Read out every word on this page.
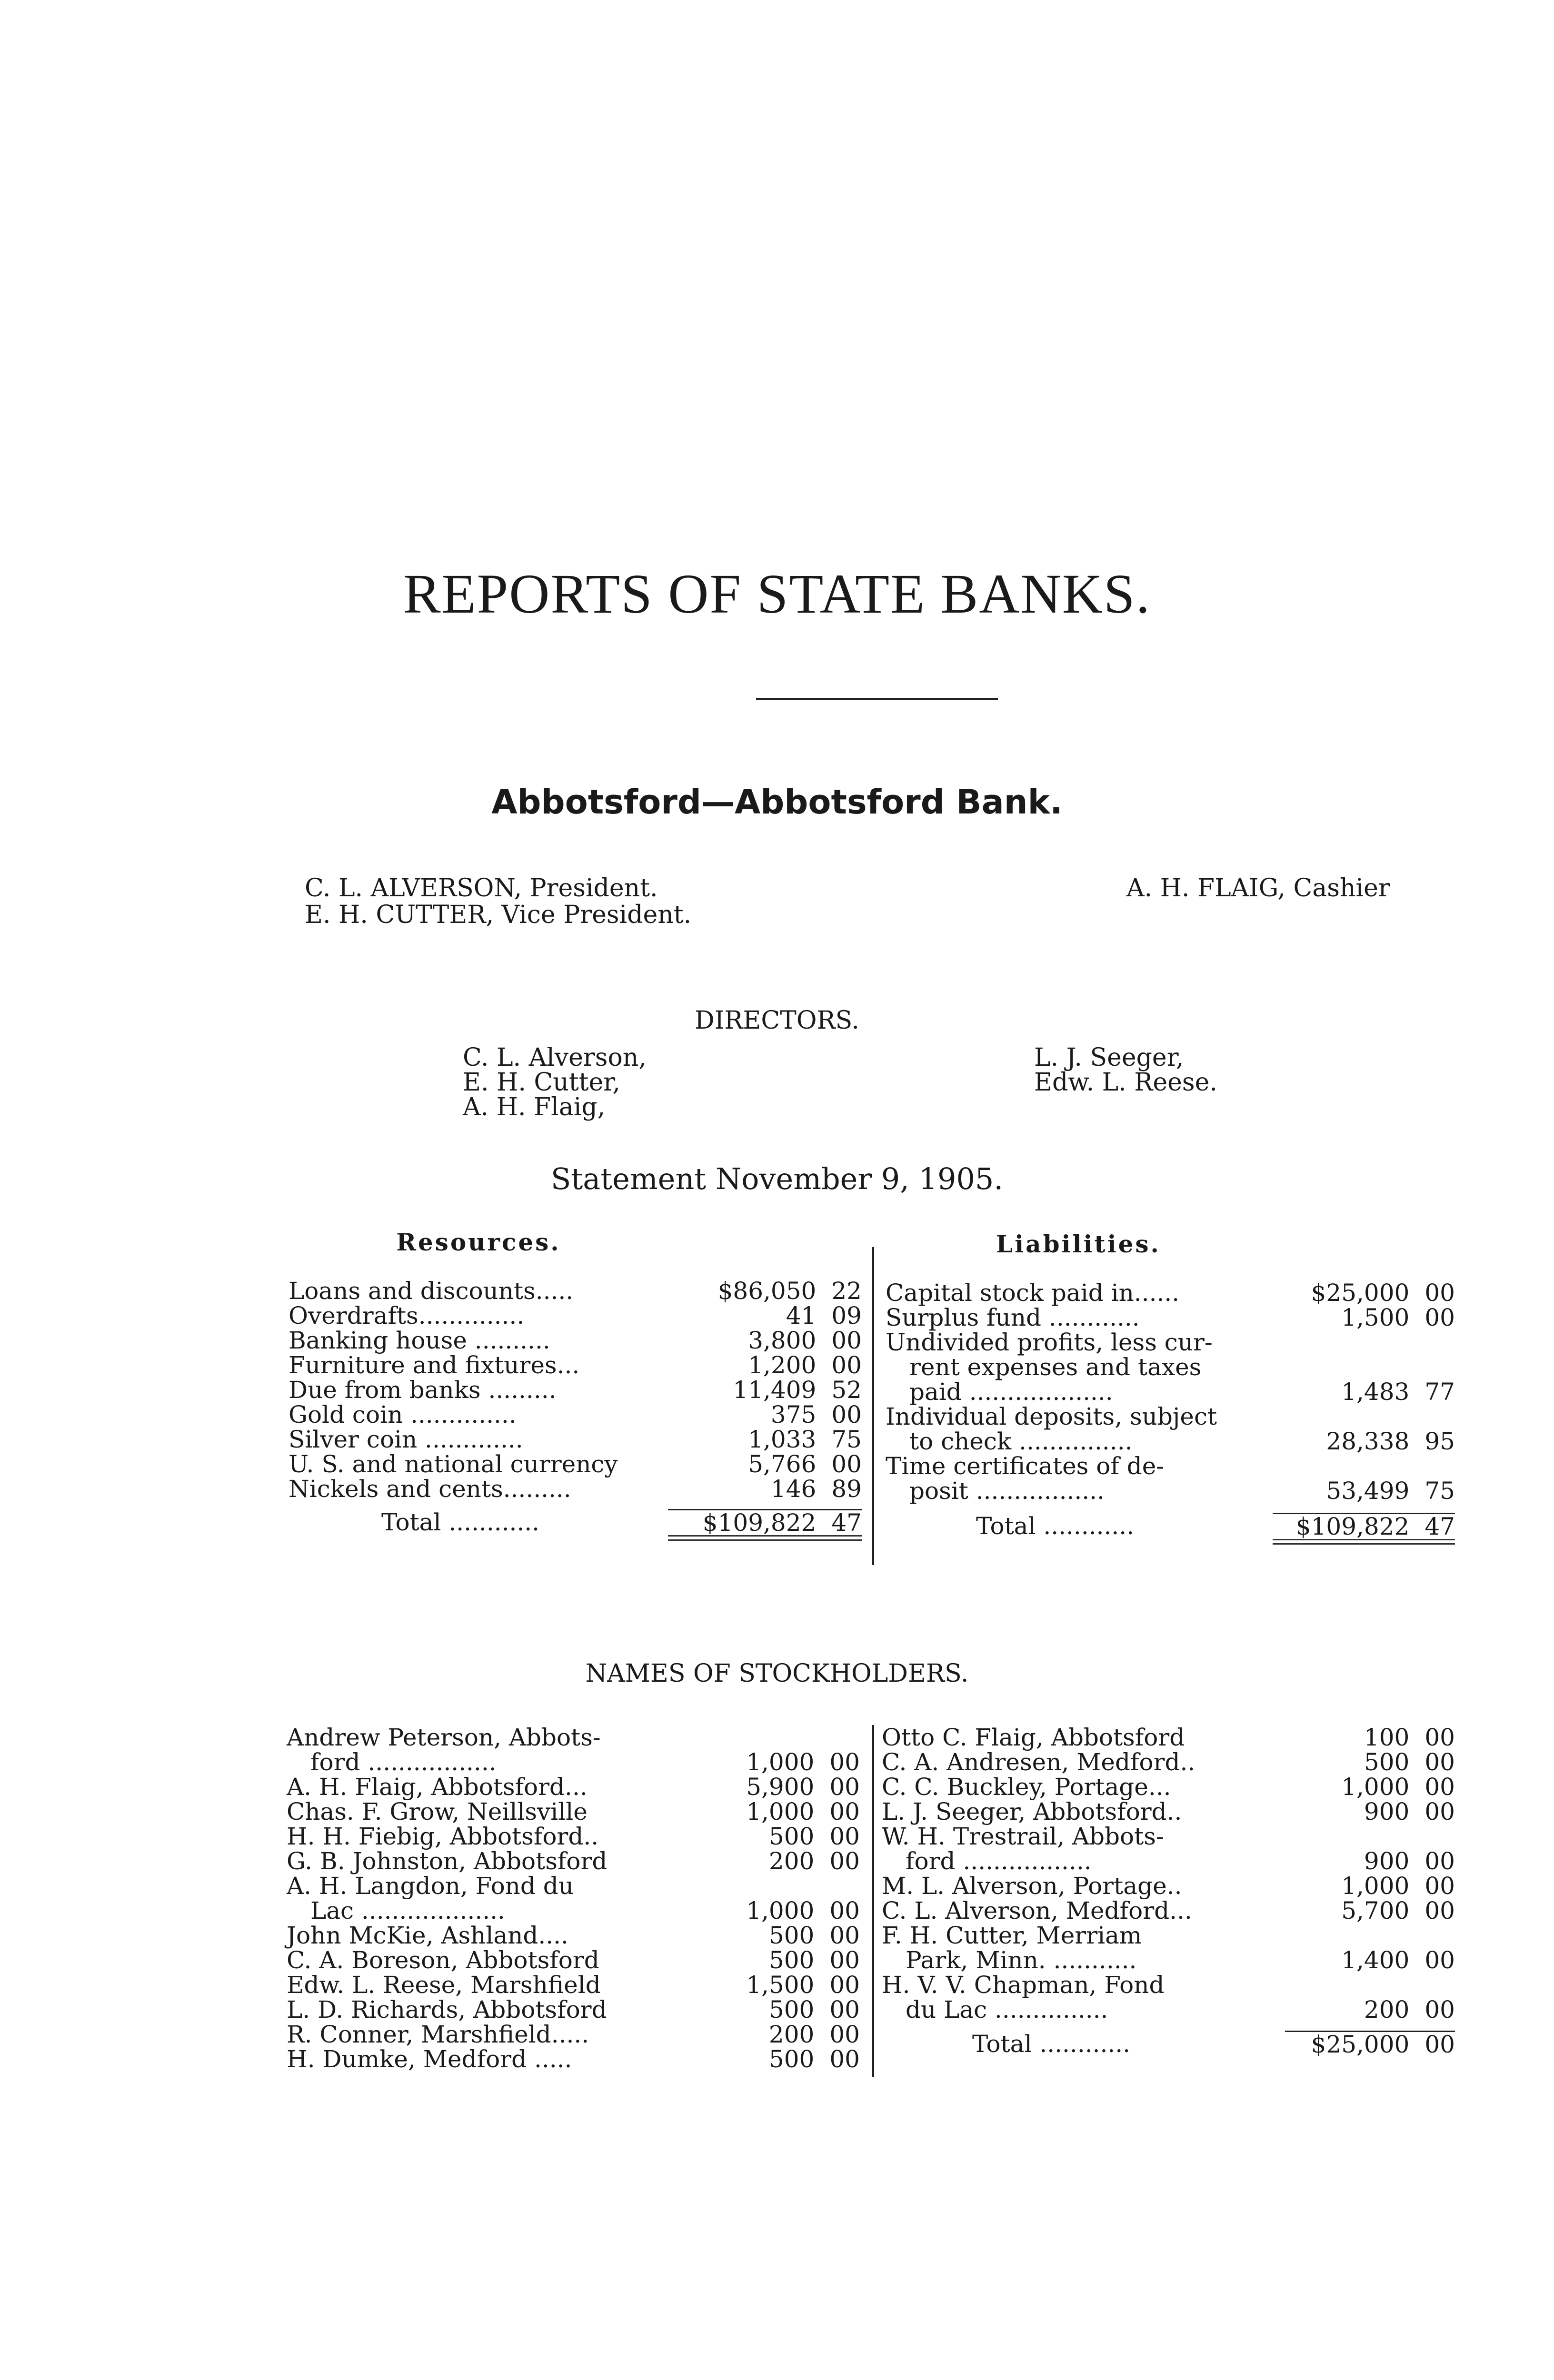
REPORTS OF STATE BANKS.
Abbotsford—Abbotsford Bank.
C. L. ALVERSON, President.
E. H. CUTTER, Vice President.
A. H. FLAIG, Cashier
DIRECTORS.
C. L. Alverson,
E. H. Cutter,
A. H. Flaig,
L. J. Seeger,
Edw. L. Reese.
Statement November 9, 1905.
Resources.
Loans and discounts.....	$86,050	22
Overdrafts..............	41	09
Banking house ..........	3,800	00
Furniture and fixtures...	1,200	00
Due from banks .........	11,409	52
Gold coin ..............	375	00
Silver coin .............	1,033	75
U. S. and national currency	5,766	00
Nickels and cents.........	146	89

Total ............	$109,822	47

Liabilities.
Capital stock paid in......	$25,000	00
Surplus fund ............	1,500	00
Undivided profits, less cur-		
rent expenses and taxes		
paid ...................	1,483	77
Individual deposits, subject		
to check ...............	28,338	95
Time certificates of de-		
posit .................	53,499	75

Total ............	$109,822	47

NAMES OF STOCKHOLDERS.
Andrew Peterson, Abbots-		
ford .................	1,000	00
A. H. Flaig, Abbotsford...	5,900	00
Chas. F. Grow, Neillsville	1,000	00
H. H. Fiebig, Abbotsford..	500	00
G. B. Johnston, Abbotsford	200	00
A. H. Langdon, Fond du		
Lac ...................	1,000	00
John McKie, Ashland....	500	00
C. A. Boreson, Abbotsford	500	00
Edw. L. Reese, Marshfield	1,500	00
L. D. Richards, Abbotsford	500	00
R. Conner, Marshfield.....	200	00
H. Dumke, Medford .....	500	00
Otto C. Flaig, Abbotsford	100	00
C. A. Andresen, Medford..	500	00
C. C. Buckley, Portage...	1,000	00
L. J. Seeger, Abbotsford..	900	00
W. H. Trestrail, Abbots-		
ford .................	900	00
M. L. Alverson, Portage..	1,000	00
C. L. Alverson, Medford...	5,700	00
F. H. Cutter, Merriam		
Park, Minn. ...........	1,400	00
H. V. V. Chapman, Fond		
du Lac ...............	200	00

Total ............	$25,000	00
